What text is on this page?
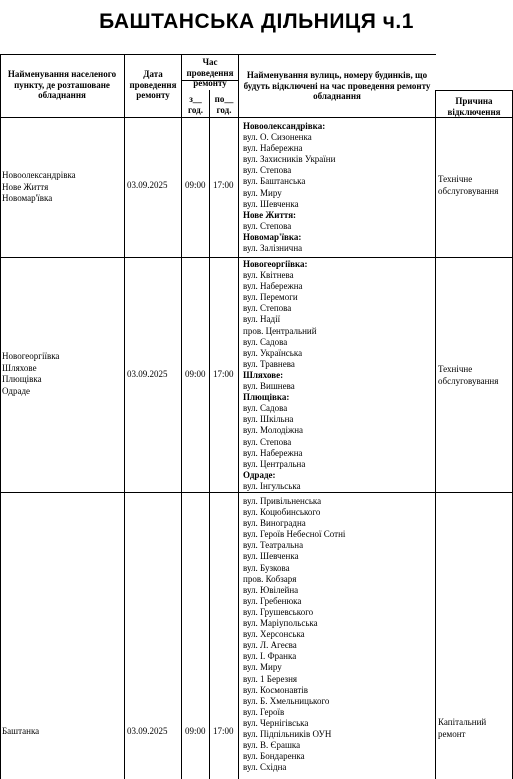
БАШТАНСЬКА ДІЛЬНИЦЯ ч.1
Найменування населеного пункту, де розташоване обладнання
Дата проведення ремонту
Час проведення ремонту
з__ год.
по__ год.
Найменування вулиць, номеру будинків, що будуть відключені на час проведення ремонту обладнання	Причина відключення
Новоолександрівка
Нове Життя
Новомар'ївка
03.09.2025 09:00 17:00
Новоолександрівка:
вул. О. Сизоненка
вул. Набережна
вул. Захисників України
вул. Степова
вул. Баштанська
вул. Миру
вул. Шевченка
Нове Життя:
вул. Степова
Новомар'ївка:
вул. Залізнична
Технічне обслуговування
Новогеоргіївка
Шляхове
Плющівка
Одраде
03.09.2025 09:00 17:00
Новогеоргіївка:
вул. Квітнева
вул. Набережна
вул. Перемоги
вул. Степова
вул. Надії
пров. Центральний
вул. Садова
вул. Українська
вул. Травнева
Шляхове:
вул. Вишнева
Плющівка:
вул. Садова
вул. Шкільна
вул. Молодіжна
вул. Степова
вул. Набережна
вул. Центральна
Одраде:
вул. Інгульська
Технічне обслуговування
Баштанка	03.09.2025 09:00 17:00
вул. Привільненська
вул. Коцюбинського
вул. Виноградна
вул. Героїв Небесної Сотні
вул. Театральна
вул. Шевченка
вул. Бузкова
пров. Кобзаря
вул. Ювілейна
вул. Гребенюка
вул. Грушевського
вул. Маріупольська
вул. Херсонська
вул. Л. Агеєва
вул. І. Франка
вул. Миру
вул. 1 Березня
вул. Космонавтів
вул. Б. Хмельницького
вул. Героїв
вул. Чернігівська
вул. Підпільників ОУН
вул. В. Єрашка
вул. Бондаренка
вул. Східна
Капітальний ремонт
